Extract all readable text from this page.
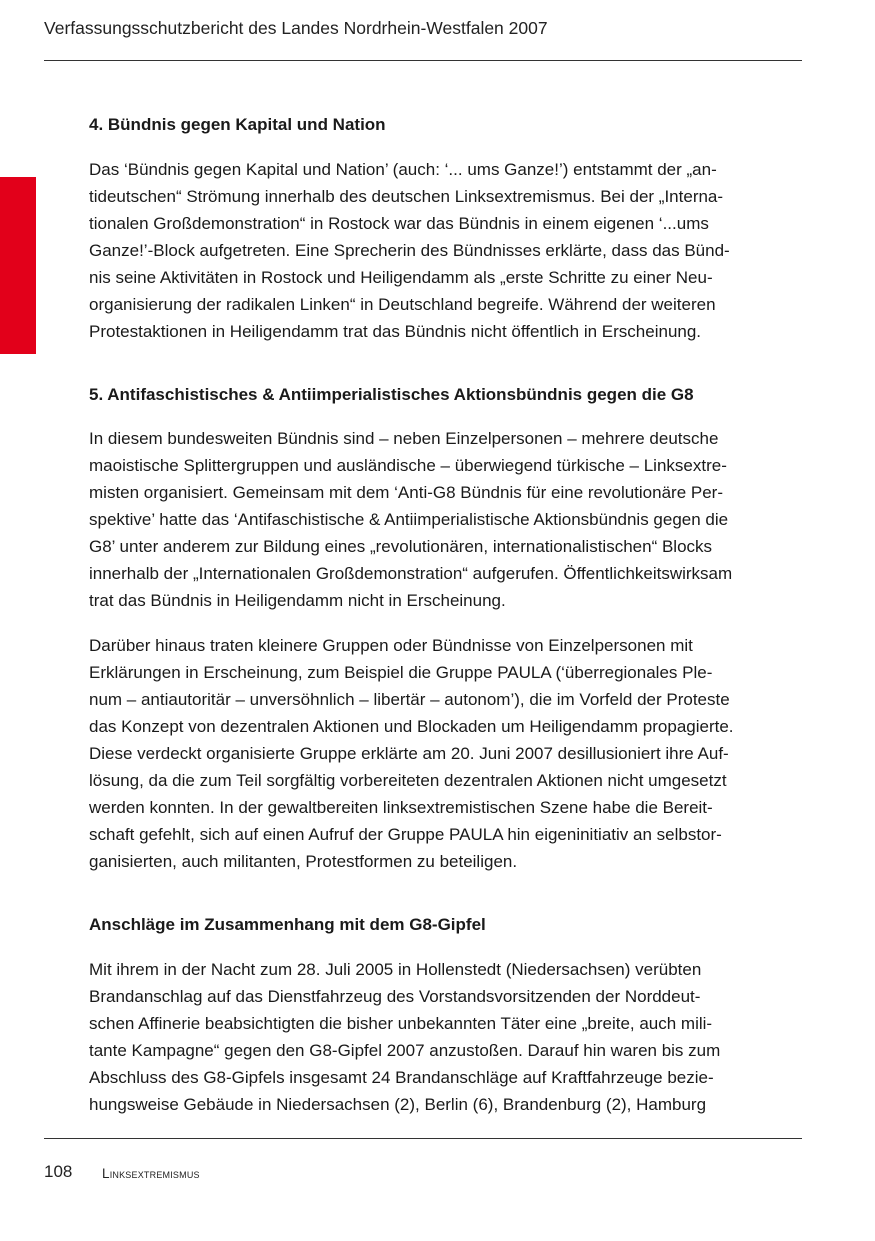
Verfassungsschutzbericht des Landes Nordrhein-Westfalen 2007
4. Bündnis gegen Kapital und Nation

Das ‘Bündnis gegen Kapital und Nation’ (auch: ‘... ums Ganze!’) entstammt der „an-
tideutschen“ Strömung innerhalb des deutschen Linksextremismus. Bei der „Interna-
tionalen Großdemonstration“ in Rostock war das Bündnis in einem eigenen ‘...ums
Ganze!’-Block aufgetreten. Eine Sprecherin des Bündnisses erklärte, dass das Bünd-
nis seine Aktivitäten in Rostock und Heiligendamm als „erste Schritte zu einer Neu-
organisierung der radikalen Linken“ in Deutschland begreife. Während der weiteren
Protestaktionen in Heiligendamm trat das Bündnis nicht öffentlich in Erscheinung.

5. Antifaschistisches & Antiimperialistisches Aktionsbündnis gegen die G8

In diesem bundesweiten Bündnis sind – neben Einzelpersonen – mehrere deutsche
maoistische Splittergruppen und ausländische – überwiegend türkische – Linksextre-
misten organisiert. Gemeinsam mit dem ‘Anti-G8 Bündnis für eine revolutionäre Per-
spektive’ hatte das ‘Antifaschistische & Antiimperialistische Aktionsbündnis gegen die
G8’ unter anderem zur Bildung eines „revolutionären, internationalistischen“ Blocks
innerhalb der „Internationalen Großdemonstration“ aufgerufen. Öffentlichkeitswirksam
trat das Bündnis in Heiligendamm nicht in Erscheinung.

Darüber hinaus traten kleinere Gruppen oder Bündnisse von Einzelpersonen mit
Erklärungen in Erscheinung, zum Beispiel die Gruppe PAULA (‘überregionales Ple-
num – antiautoritär – unversöhnlich – libertär – autonom’), die im Vorfeld der Proteste
das Konzept von dezentralen Aktionen und Blockaden um Heiligendamm propagierte.
Diese verdeckt organisierte Gruppe erklärte am 20. Juni 2007 desillusioniert ihre Auf-
lösung, da die zum Teil sorgfältig vorbereiteten dezentralen Aktionen nicht umgesetzt
werden konnten. In der gewaltbereiten linksextremistischen Szene habe die Bereit-
schaft gefehlt, sich auf einen Aufruf der Gruppe PAULA hin eigeninitiativ an selbstor-
ganisierten, auch militanten, Protestformen zu beteiligen.

Anschläge im Zusammenhang mit dem G8-Gipfel

Mit ihrem in der Nacht zum 28. Juli 2005 in Hollenstedt (Niedersachsen) verübten
Brandanschlag auf das Dienstfahrzeug des Vorstandsvorsitzenden der Norddeut-
schen Affinerie beabsichtigten die bisher unbekannten Täter eine „breite, auch mili-
tante Kampagne“ gegen den G8-Gipfel 2007 anzustoßen. Darauf hin waren bis zum
Abschluss des G8-Gipfels insgesamt 24 Brandanschläge auf Kraftfahrzeuge bezie-
hungsweise Gebäude in Niedersachsen (2), Berlin (6), Brandenburg (2), Hamburg

108 Linksextremismus
